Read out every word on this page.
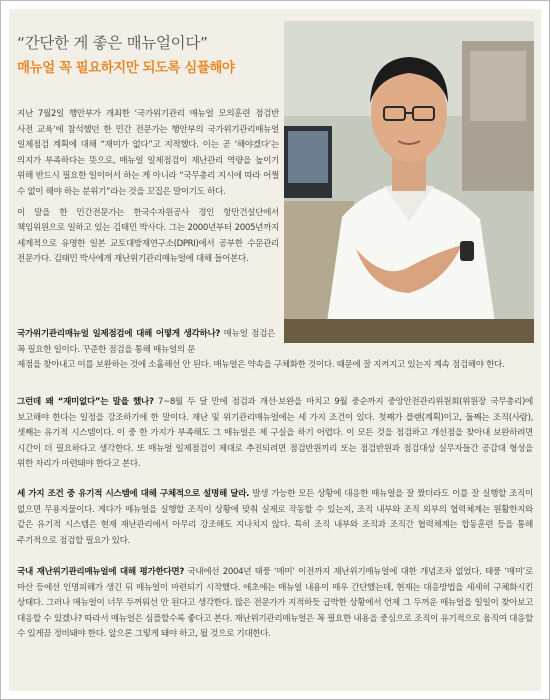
“간단한 게 좋은 매뉴얼이다”
매뉴얼 꼭 필요하지만 되도록 심플해야

지난 7월2일 행안부가 개최한 ‘국가위기관리 매뉴얼 모의훈련 점검반 사전 교육’에 참석했던 한 민간 전문가는 행안부의 국가위기관리매뉴얼 일제점검 계획에 대해 “재미가 없다”고 지적했다. 이는 곧 ‘해야겠다’는 의지가 부족하다는 뜻으로, 매뉴얼 일제점검이 재난관리 역량을 높이기 위해 반드시 필요한 일이어서 하는 게 아니라 “국무총리 지시에 따라 어쩔 수 없이 해야 하는 분위기”라는 것을 꼬집은 말이기도 하다.

이 말을 한 민간전문가는 한국수자원공사 경인 항만건설단에서 책임위원으로 일하고 있는 김태민 박사다. 그는 2000년부터 2005년까지 세계적으로 유명한 일본 교토대방재연구소(DPRI)에서 공부한 수문관리 전문가다. 김태민 박사에게 재난위기관리매뉴얼에 대해 들어본다.

국가위기관리매뉴얼 일제점검에 대해 어떻게 생각하나? 매뉴얼 점검은 꼭 필요한 일이다. 꾸준한 점검을 통해 매뉴얼의 문
제점을 찾아내고 이를 보완하는 것에 소홀해선 안 된다. 매뉴얼은 약속을 구체화한 것이다. 때문에 잘 지켜지고 있는지 계속 점검해야 한다.

그런데 왜 “재미없다”는 말을 했나? 7~8월 두 달 만에 점검과 개선·보완을 마치고 9월 중순까지 중앙안전관리위원회(위원장 국무총리)에 보고해야 한다는 일정을 강조하기에 한 말이다. 재난 및 위기관리매뉴얼에는 세 가지 조건이 있다. 첫째가 플랜(계획)이고, 둘째는 조직(사람), 셋째는 유기적 시스템이다. 이 중 한 가지가 부족해도 그 매뉴얼은 제 구실을 하기 어렵다. 이 모든 것을 점검하고 개선점을 찾아내 보완하려면 시간이 더 필요하다고 생각한다. 또 매뉴얼 일제점검이 제대로 추진되려면 점검반원끼리 또는 점검반원과 점검대상 실무자들간 공감대 형성을 위한 자리가 마련돼야 한다고 본다.

세 가지 조건 중 유기적 시스템에 대해 구체적으로 설명해 달라. 발생 가능한 모든 상황에 대응한 매뉴얼을 잘 짰더라도 이를 잘 실행할 조직이 없으면 무용지물이다. 게다가 매뉴얼을 실행할 조직이 상황에 맞춰 실제로 작동할 수 있는지, 조직 내부와 조직 외부의 협력체계는 원활한지와 같은 유기적 시스템은 현재 재난관리에서 아무리 강조해도 지나치지 않다. 특히 조직 내부와 조직과 조직간 협력체계는 합동훈련 등을 통해 주기적으로 점검할 필요가 있다.

국내 재난위기관리매뉴얼에 대해 평가한다면? 국내에선 2004년 태풍 ‘매미’ 이전까지 재난위기매뉴얼에 대한 개념조차 없었다. 태풍 ‘매미’로 마산 등에선 인명피해가 생긴 뒤 매뉴얼이 마련되기 시작했다. 애초에는 매뉴얼 내용이 매우 간단했는데, 현재는 대응방법을 세세히 구체화시킨 상태다. 그러나 매뉴얼이 너무 두꺼워선 안 된다고 생각한다. 많은 전문가가 지적하듯 급박한 상황에서 언제 그 두꺼운 매뉴얼을 일일이 찾아보고 대응할 수 있겠나? 따라서 매뉴얼은 심플할수록 좋다고 본다. 재난위기관리매뉴얼은 꼭 필요한 내용을 중심으로 조직이 유기적으로 움직여 대응할 수 있게끔 정비돼야 한다. 앞으론 그렇게 돼야 하고, 될 것으로 기대한다.
